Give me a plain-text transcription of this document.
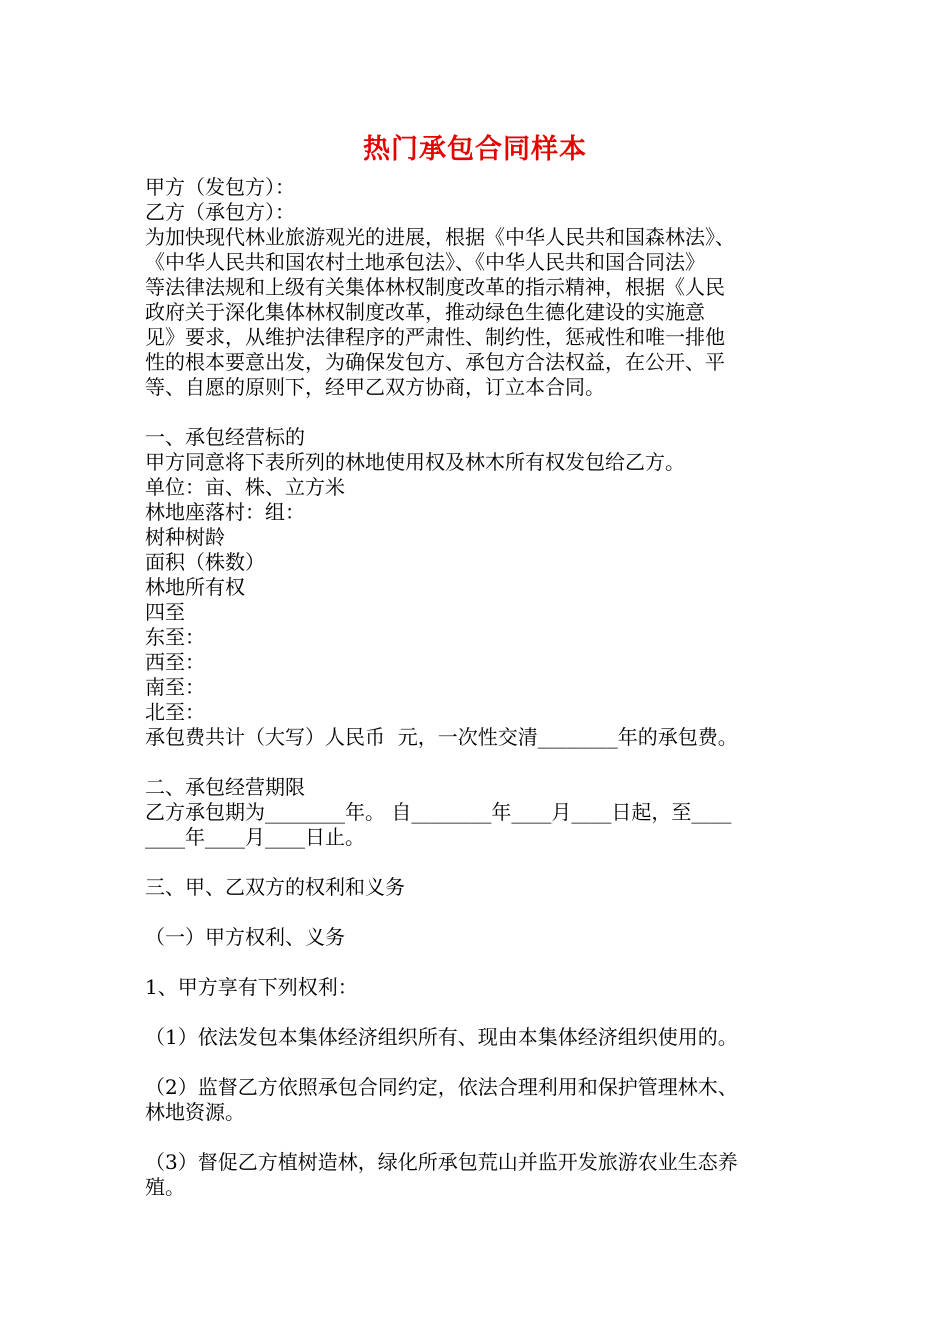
热门承包合同样本
甲方（发包方）：
乙方（承包方）：
为加快现代林业旅游观光的进展，根据《中华人民共和国森林法》、
《中华人民共和国农村土地承包法》、《中华人民共和国合同法》
等法律法规和上级有关集体林权制度改革的指示精神，根据《人民
政府关于深化集体林权制度改革，推动绿色生德化建设的实施意
见》要求，从维护法律程序的严肃性、制约性，惩戒性和唯一排他
性的根本要意出发，为确保发包方、承包方合法权益，在公开、平
等、自愿的原则下，经甲乙双方协商，订立本合同。
一、承包经营标的
甲方同意将下表所列的林地使用权及林木所有权发包给乙方。
单位：亩、株、立方米
林地座落村：组：
树种树龄
面积（株数）
林地所有权
四至
东至：
西至：
南至：
北至：
承包费共计（大写）人民币  元，一次性交清________年的承包费。
二、承包经营期限
乙方承包期为________年。 自________年____月____日起，至____
____年____月____日止。
三、甲、乙双方的权利和义务
（一）甲方权利、义务
1、甲方享有下列权利：
（1）依法发包本集体经济组织所有、现由本集体经济组织使用的。
（2）监督乙方依照承包合同约定，依法合理利用和保护管理林木、
林地资源。
（3）督促乙方植树造林，绿化所承包荒山并监开发旅游农业生态养
殖。
